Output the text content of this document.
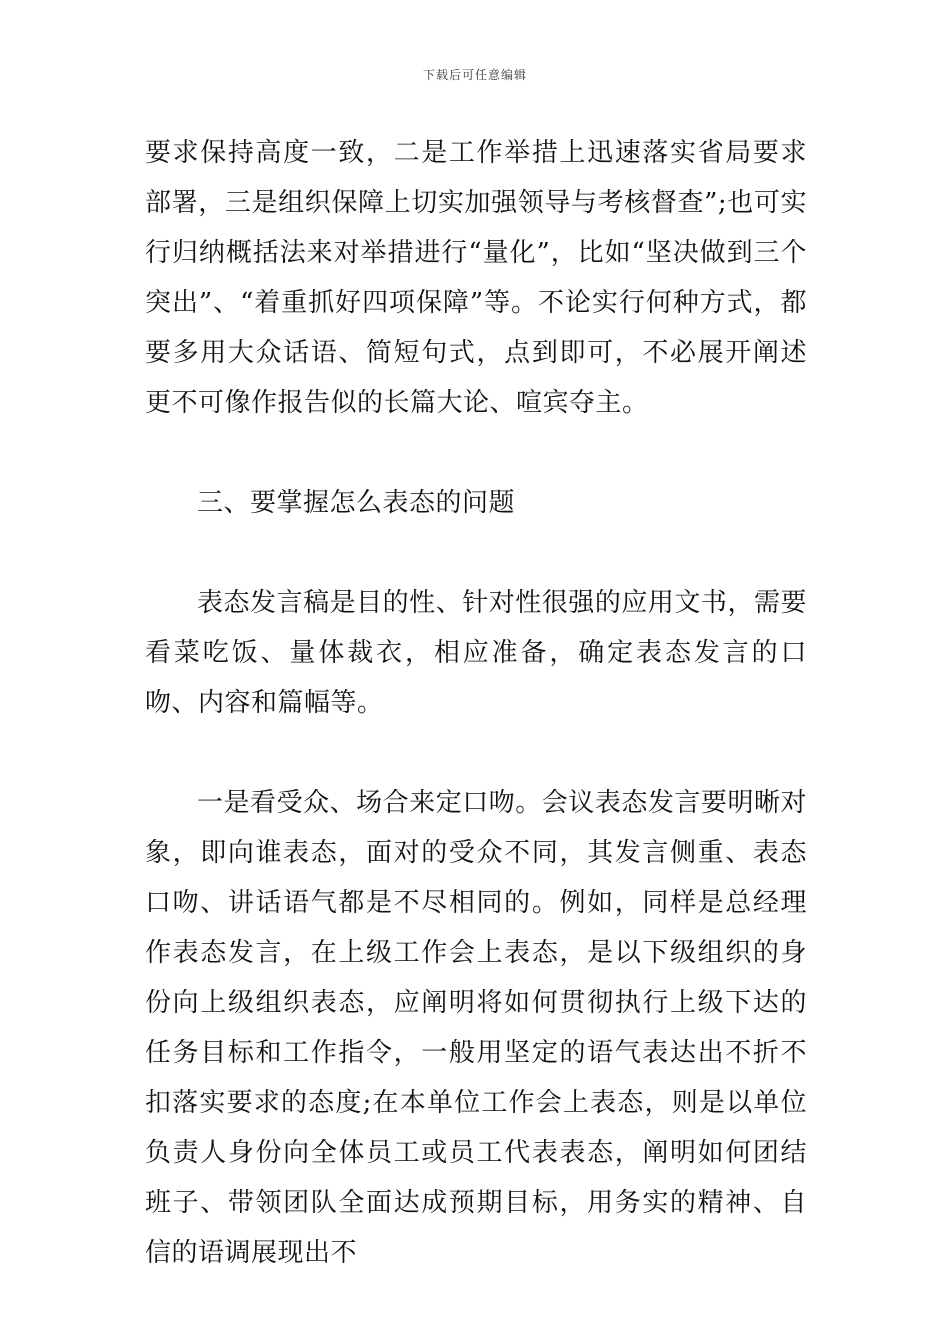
下载后可任意编辑

要求保持高度一致，二是工作举措上迅速落实省局要求部署，三是组织保障上切实加强领导与考核督查”;也可实行归纳概括法来对举措进行“量化”，比如“坚决做到三个突出”、“着重抓好四项保障”等。不论实行何种方式，都要多用大众话语、简短句式，点到即可，不必展开阐述更不可像作报告似的长篇大论、喧宾夺主。

三、要掌握怎么表态的问题

表态发言稿是目的性、针对性很强的应用文书，需要看菜吃饭、量体裁衣，相应准备，确定表态发言的口吻、内容和篇幅等。

一是看受众、场合来定口吻。会议表态发言要明晰对象，即向谁表态，面对的受众不同，其发言侧重、表态口吻、讲话语气都是不尽相同的。例如，同样是总经理作表态发言，在上级工作会上表态，是以下级组织的身份向上级组织表态，应阐明将如何贯彻执行上级下达的任务目标和工作指令，一般用坚定的语气表达出不折不扣落实要求的态度;在本单位工作会上表态，则是以单位负责人身份向全体员工或员工代表表态，阐明如何团结班子、带领团队全面达成预期目标，用务实的精神、自信的语调展现出不
